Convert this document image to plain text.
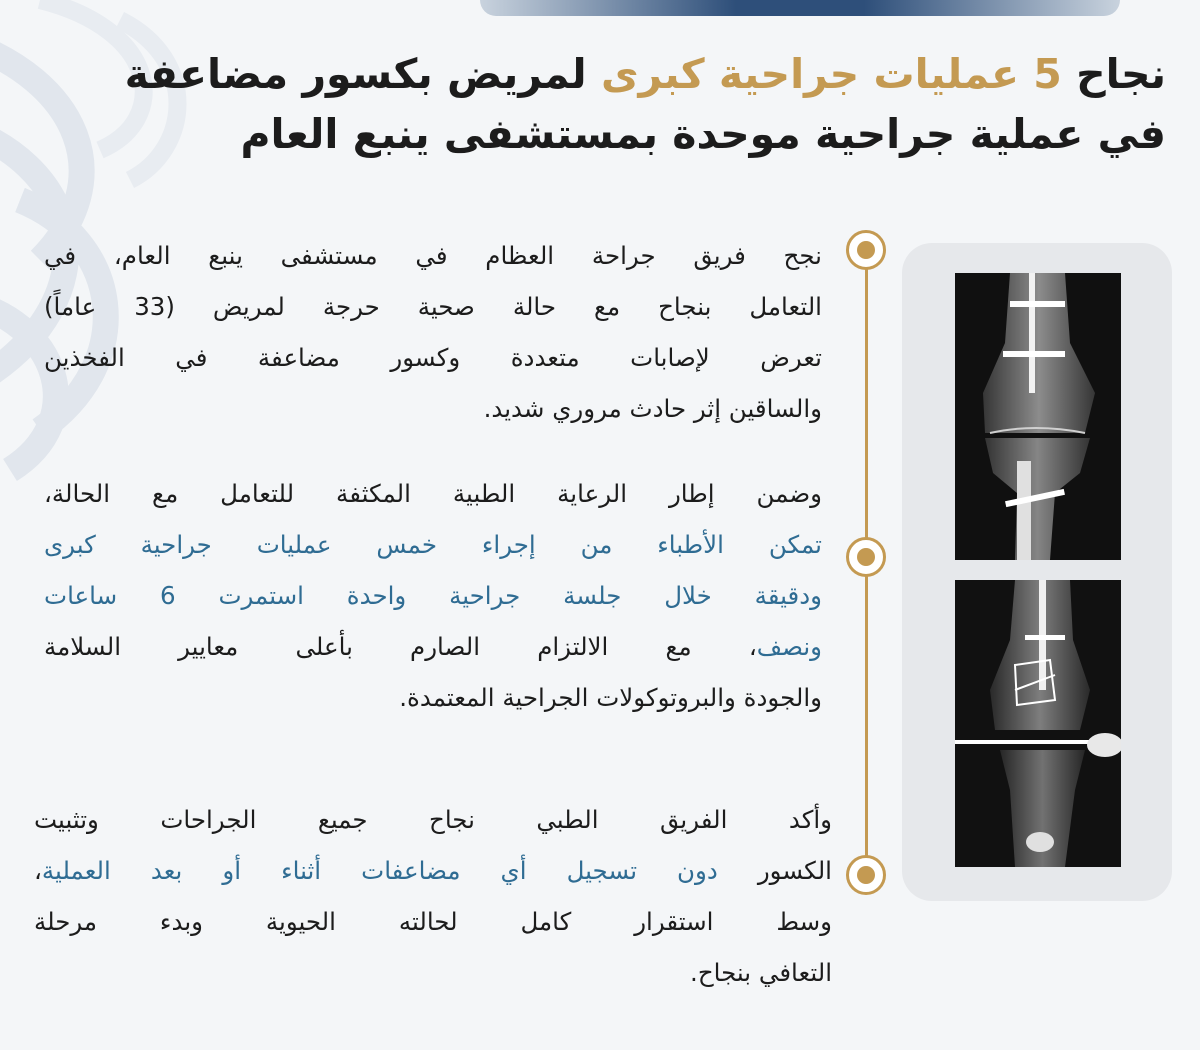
نجاح 5 عمليات جراحية كبرى لمريض بكسور مضاعفة
في عملية جراحية موحدة بمستشفى ينبع العام
نجح فريق جراحة العظام في مستشفى ينبع العام، في
التعامل بنجاح مع حالة صحية حرجة لمريض (33 عاماً)
تعرض لإصابات متعددة وكسور مضاعفة في الفخذين
والساقين إثر حادث مروري شديد.
وضمن إطار الرعاية الطبية المكثفة للتعامل مع الحالة،
تمكن الأطباء من إجراء خمس عمليات جراحية كبرى
ودقيقة خلال جلسة جراحية واحدة استمرت 6 ساعات
ونصف، مع الالتزام الصارم بأعلى معايير السلامة
والجودة والبروتوكولات الجراحية المعتمدة.
وأكد الفريق الطبي نجاح جميع الجراحات وتثبيت
الكسور دون تسجيل أي مضاعفات أثناء أو بعد العملية،
وسط استقرار كامل لحالته الحيوية وبدء مرحلة
التعافي بنجاح.
